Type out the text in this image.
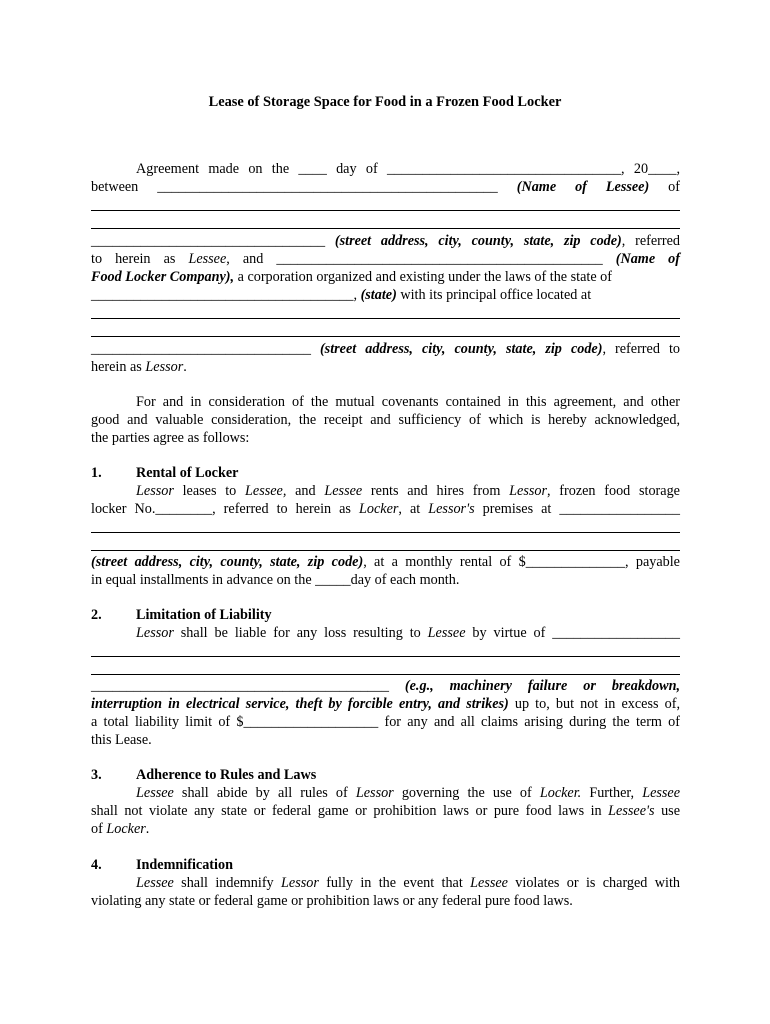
Lease of Storage Space for Food in a Frozen Food Locker
Agreement made on the ____ day of _________________________________, 20____,
between ________________________________________________ (Name of Lessee) of
_________________________________ (street address, city, county, state, zip code), referred
to herein as Lessee, and ______________________________________________ (Name of
Food Locker Company), a corporation organized and existing under the laws of the state of
_____________________________________, (state) with its principal office located at
_______________________________ (street address, city, county, state, zip code), referred to
herein as Lessor.
For and in consideration of the mutual covenants contained in this agreement, and other
good and valuable consideration, the receipt and sufficiency of which is hereby acknowledged,
the parties agree as follows:
1. Rental of Locker
Lessor leases to Lessee, and Lessee rents and hires from Lessor, frozen food storage
locker No.________, referred to herein as Locker, at Lessor's premises at _________________
(street address, city, county, state, zip code), at a monthly rental of $______________, payable
in equal installments in advance on the _____day of each month.
2. Limitation of Liability
Lessor shall be liable for any loss resulting to Lessee by virtue of __________________
__________________________________________ (e.g., machinery failure or breakdown,
interruption in electrical service, theft by forcible entry, and strikes) up to, but not in excess of,
a total liability limit of $___________________ for any and all claims arising during the term of
this Lease.
3. Adherence to Rules and Laws
Lessee shall abide by all rules of Lessor governing the use of Locker. Further, Lessee
shall not violate any state or federal game or prohibition laws or pure food laws in Lessee's use
of Locker.
4. Indemnification
Lessee shall indemnify Lessor fully in the event that Lessee violates or is charged with
violating any state or federal game or prohibition laws or any federal pure food laws.
